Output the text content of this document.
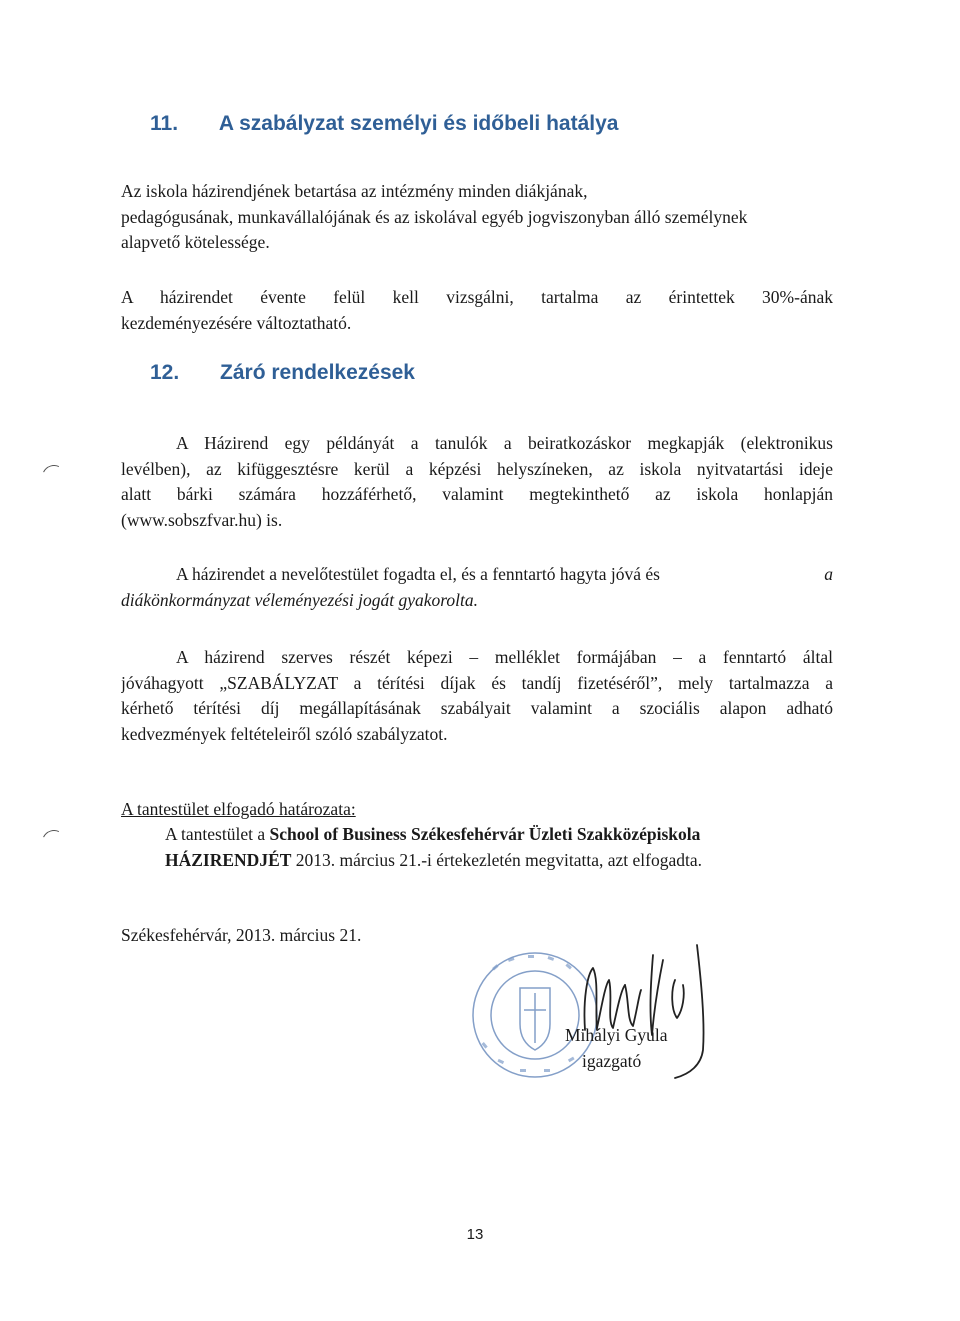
11. A szabályzat személyi és időbeli hatálya
Az iskola házirendjének betartása az intézmény minden diákjának,
pedagógusának, munkavállalójának és az iskolával egyéb jogviszonyban álló személynek
alapvető kötelessége.
A házirendet évente felül kell vizsgálni, tartalma az érintettek 30%-ának
kezdeményezésére változtatható.
12. Záró rendelkezések
A Házirend egy példányát a tanulók a beiratkozáskor megkapják (elektronikus
levélben), az kifüggesztésre kerül a képzési helyszíneken, az iskola nyitvatartási ideje
alatt bárki számára hozzáférhető, valamint megtekinthető az iskola honlapján
(www.sobszfvar.hu) is.
A házirendet a nevelőtestület fogadta el, és a fenntartó hagyta jóvá és	a
diákönkormányzat véleményezési jogát gyakorolta.
A házirend szerves részét képezi – melléklet formájában – a fenntartó által
jóváhagyott „SZABÁLYZAT a térítési díjak és tandíj fizetéséről”, mely tartalmazza a
kérhető térítési díj megállapításának szabályait valamint a szociális alapon adható
kedvezmények feltételeiről szóló szabályzatot.
A tantestület elfogadó határozata:
A tantestület a School of Business Székesfehérvár Üzleti Szakközépiskola
HÁZIRENDJÉT 2013. március 21.-i értekezletén megvitatta, azt elfogadta.
Székesfehérvár, 2013. március 21.
Mihályi Gyula
igazgató
13
